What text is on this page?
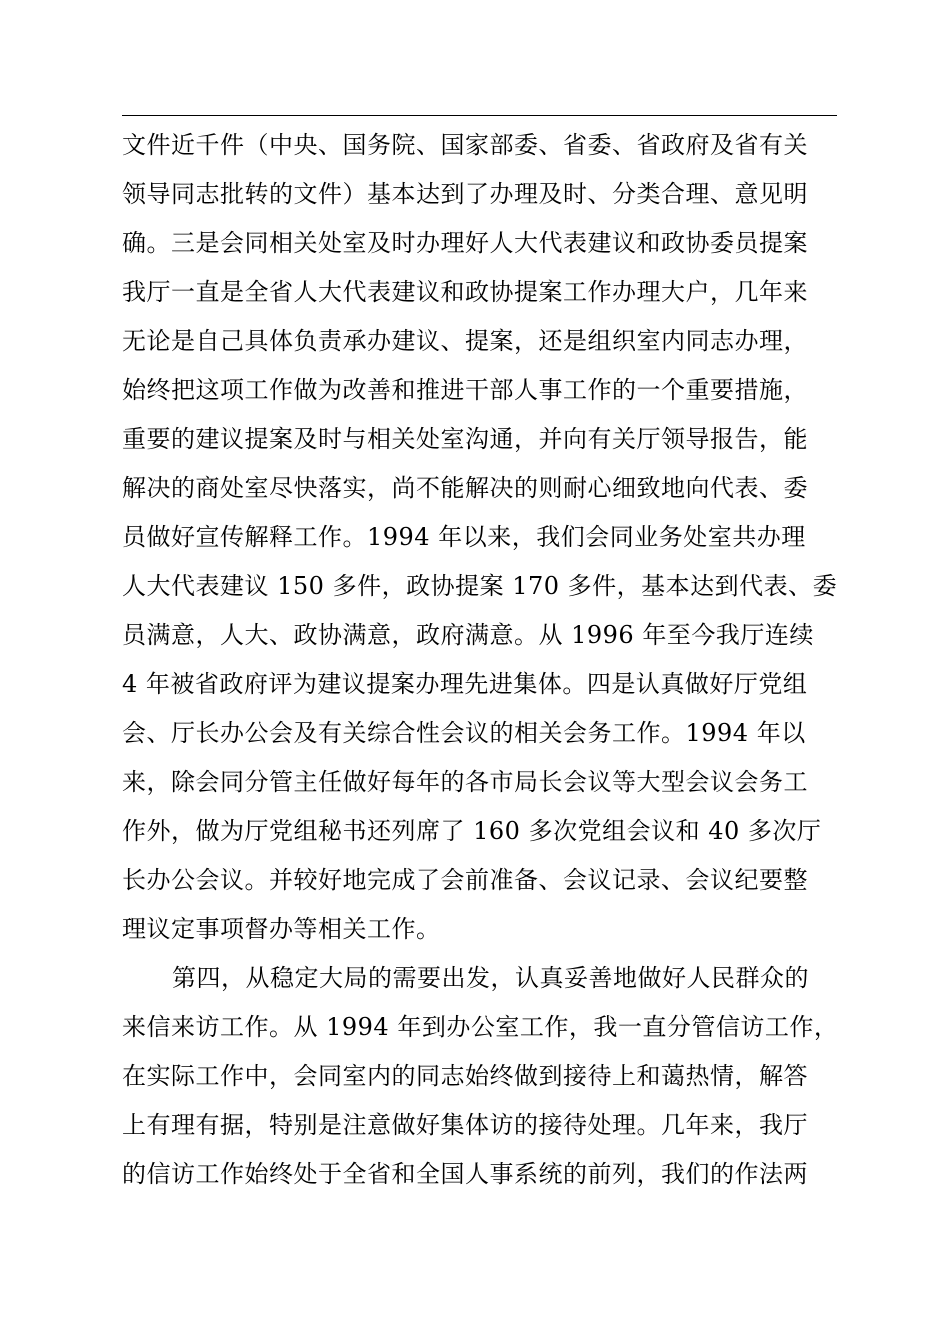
文件近千件（中央、国务院、国家部委、省委、省政府及省有关
领导同志批转的文件）基本达到了办理及时、分类合理、意见明
确。三是会同相关处室及时办理好人大代表建议和政协委员提案
我厅一直是全省人大代表建议和政协提案工作办理大户，几年来
无论是自己具体负责承办建议、提案，还是组织室内同志办理，
始终把这项工作做为改善和推进干部人事工作的一个重要措施，
重要的建议提案及时与相关处室沟通，并向有关厅领导报告，能
解决的商处室尽快落实，尚不能解决的则耐心细致地向代表、委
员做好宣传解释工作。1994 年以来，我们会同业务处室共办理
人大代表建议 150 多件，政协提案 170 多件，基本达到代表、委
员满意，人大、政协满意，政府满意。从 1996 年至今我厅连续
4 年被省政府评为建议提案办理先进集体。四是认真做好厅党组
会、厅长办公会及有关综合性会议的相关会务工作。1994 年以
来，除会同分管主任做好每年的各市局长会议等大型会议会务工
作外，做为厅党组秘书还列席了 160 多次党组会议和 40 多次厅
长办公会议。并较好地完成了会前准备、会议记录、会议纪要整
理议定事项督办等相关工作。
第四，从稳定大局的需要出发，认真妥善地做好人民群众的
来信来访工作。从 1994 年到办公室工作，我一直分管信访工作，
在实际工作中，会同室内的同志始终做到接待上和蔼热情，解答
上有理有据，特别是注意做好集体访的接待处理。几年来，我厅
的信访工作始终处于全省和全国人事系统的前列，我们的作法两
